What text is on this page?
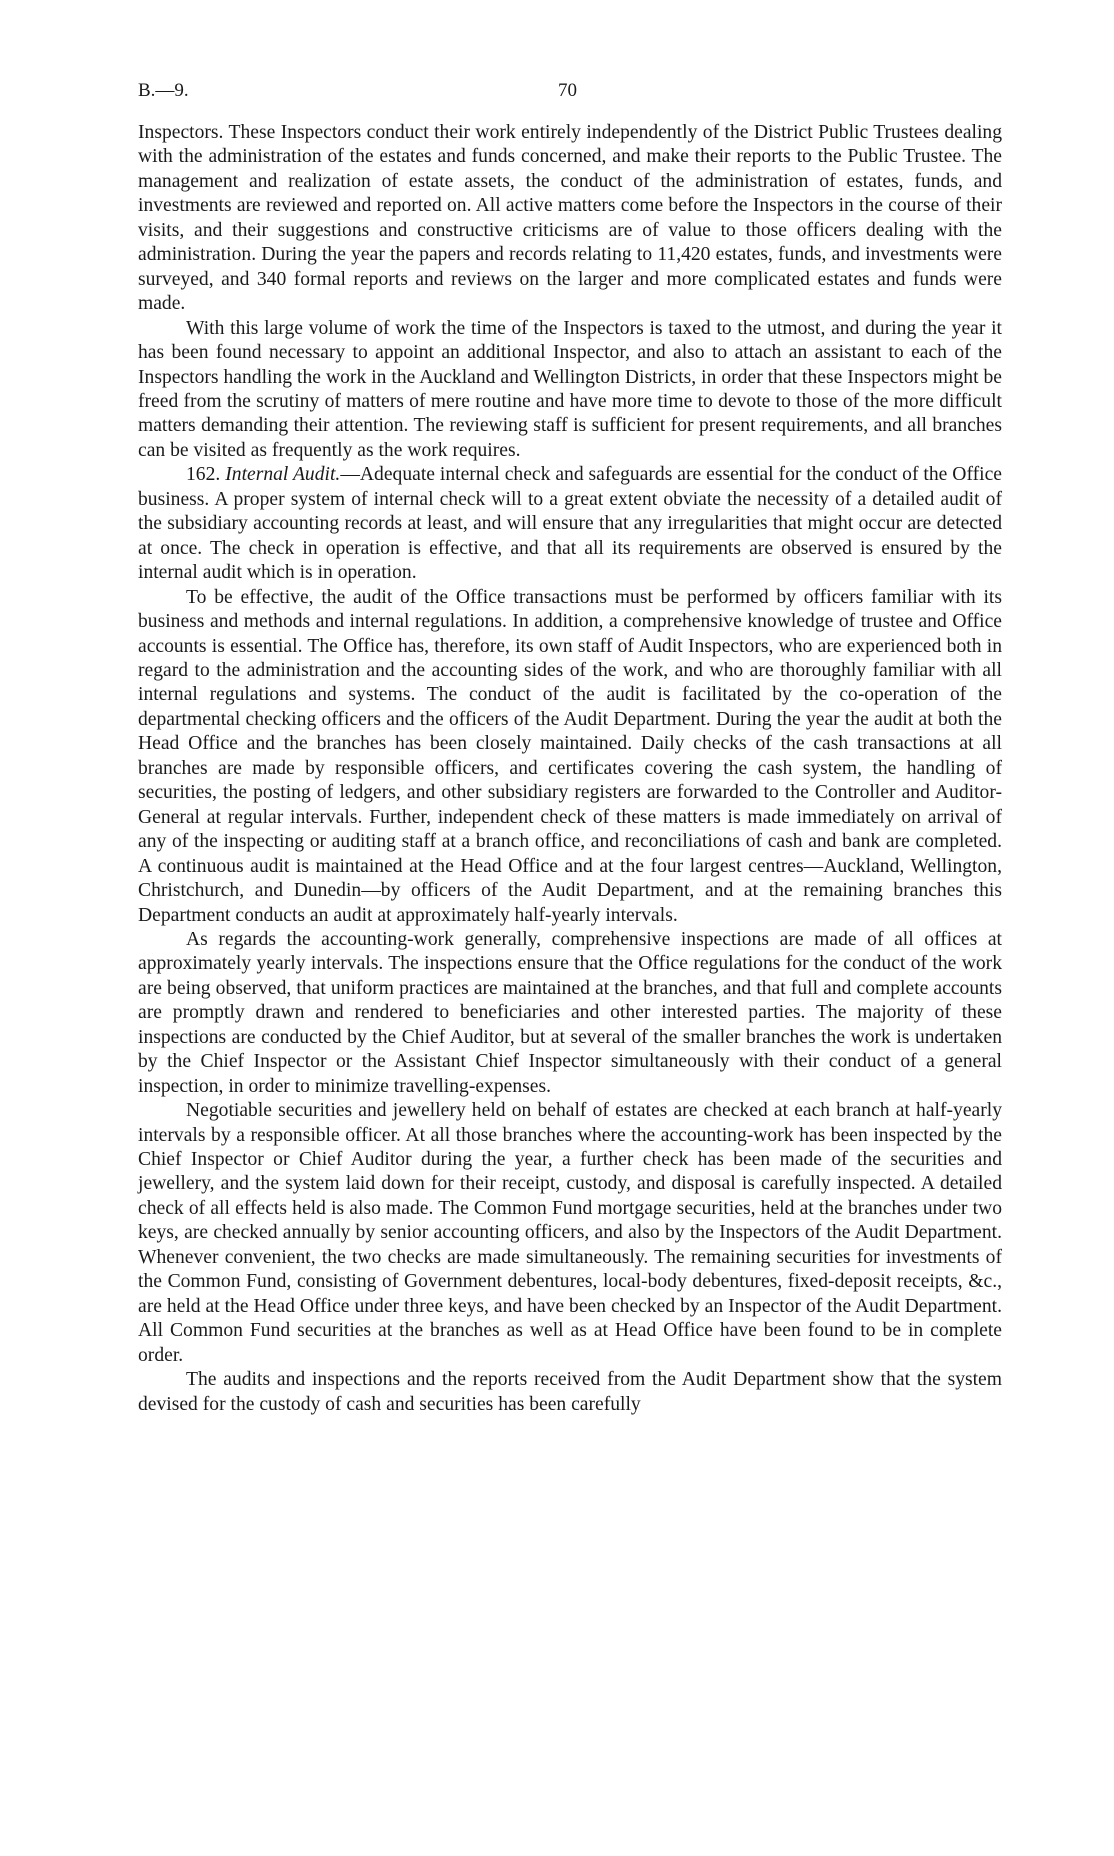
B.—9.	70

Inspectors. These Inspectors conduct their work entirely independently of the District Public Trustees dealing with the administration of the estates and funds concerned, and make their reports to the Public Trustee. The management and realization of estate assets, the conduct of the administration of estates, funds, and investments are reviewed and reported on. All active matters come before the Inspectors in the course of their visits, and their suggestions and constructive criticisms are of value to those officers dealing with the administration. During the year the papers and records relating to 11,420 estates, funds, and investments were surveyed, and 340 formal reports and reviews on the larger and more complicated estates and funds were made.

With this large volume of work the time of the Inspectors is taxed to the utmost, and during the year it has been found necessary to appoint an additional Inspector, and also to attach an assistant to each of the Inspectors handling the work in the Auckland and Wellington Districts, in order that these Inspectors might be freed from the scrutiny of matters of mere routine and have more time to devote to those of the more difficult matters demanding their attention. The reviewing staff is sufficient for present requirements, and all branches can be visited as frequently as the work requires.

162. Internal Audit.—Adequate internal check and safeguards are essential for the conduct of the Office business. A proper system of internal check will to a great extent obviate the necessity of a detailed audit of the subsidiary accounting records at least, and will ensure that any irregularities that might occur are detected at once. The check in operation is effective, and that all its requirements are observed is ensured by the internal audit which is in operation.

To be effective, the audit of the Office transactions must be performed by officers familiar with its business and methods and internal regulations. In addition, a comprehensive knowledge of trustee and Office accounts is essential. The Office has, therefore, its own staff of Audit Inspectors, who are experienced both in regard to the administration and the accounting sides of the work, and who are thoroughly familiar with all internal regulations and systems. The conduct of the audit is facilitated by the co-operation of the departmental checking officers and the officers of the Audit Department. During the year the audit at both the Head Office and the branches has been closely maintained. Daily checks of the cash transactions at all branches are made by responsible officers, and certificates covering the cash system, the handling of securities, the posting of ledgers, and other subsidiary registers are forwarded to the Controller and Auditor-General at regular intervals. Further, independent check of these matters is made immediately on arrival of any of the inspecting or auditing staff at a branch office, and reconciliations of cash and bank are completed. A continuous audit is maintained at the Head Office and at the four largest centres—Auckland, Wellington, Christchurch, and Dunedin—by officers of the Audit Department, and at the remaining branches this Department conducts an audit at approximately half-yearly intervals.

As regards the accounting-work generally, comprehensive inspections are made of all offices at approximately yearly intervals. The inspections ensure that the Office regulations for the conduct of the work are being observed, that uniform practices are maintained at the branches, and that full and complete accounts are promptly drawn and rendered to beneficiaries and other interested parties. The majority of these inspections are conducted by the Chief Auditor, but at several of the smaller branches the work is undertaken by the Chief Inspector or the Assistant Chief Inspector simultaneously with their conduct of a general inspection, in order to minimize travelling-expenses.

Negotiable securities and jewellery held on behalf of estates are checked at each branch at half-yearly intervals by a responsible officer. At all those branches where the accounting-work has been inspected by the Chief Inspector or Chief Auditor during the year, a further check has been made of the securities and jewellery, and the system laid down for their receipt, custody, and disposal is carefully inspected. A detailed check of all effects held is also made. The Common Fund mortgage securities, held at the branches under two keys, are checked annually by senior accounting officers, and also by the Inspectors of the Audit Department. Whenever convenient, the two checks are made simultaneously. The remaining securities for investments of the Common Fund, consisting of Government debentures, local-body debentures, fixed-deposit receipts, &c., are held at the Head Office under three keys, and have been checked by an Inspector of the Audit Department. All Common Fund securities at the branches as well as at Head Office have been found to be in complete order.

The audits and inspections and the reports received from the Audit Department show that the system devised for the custody of cash and securities has been carefully
